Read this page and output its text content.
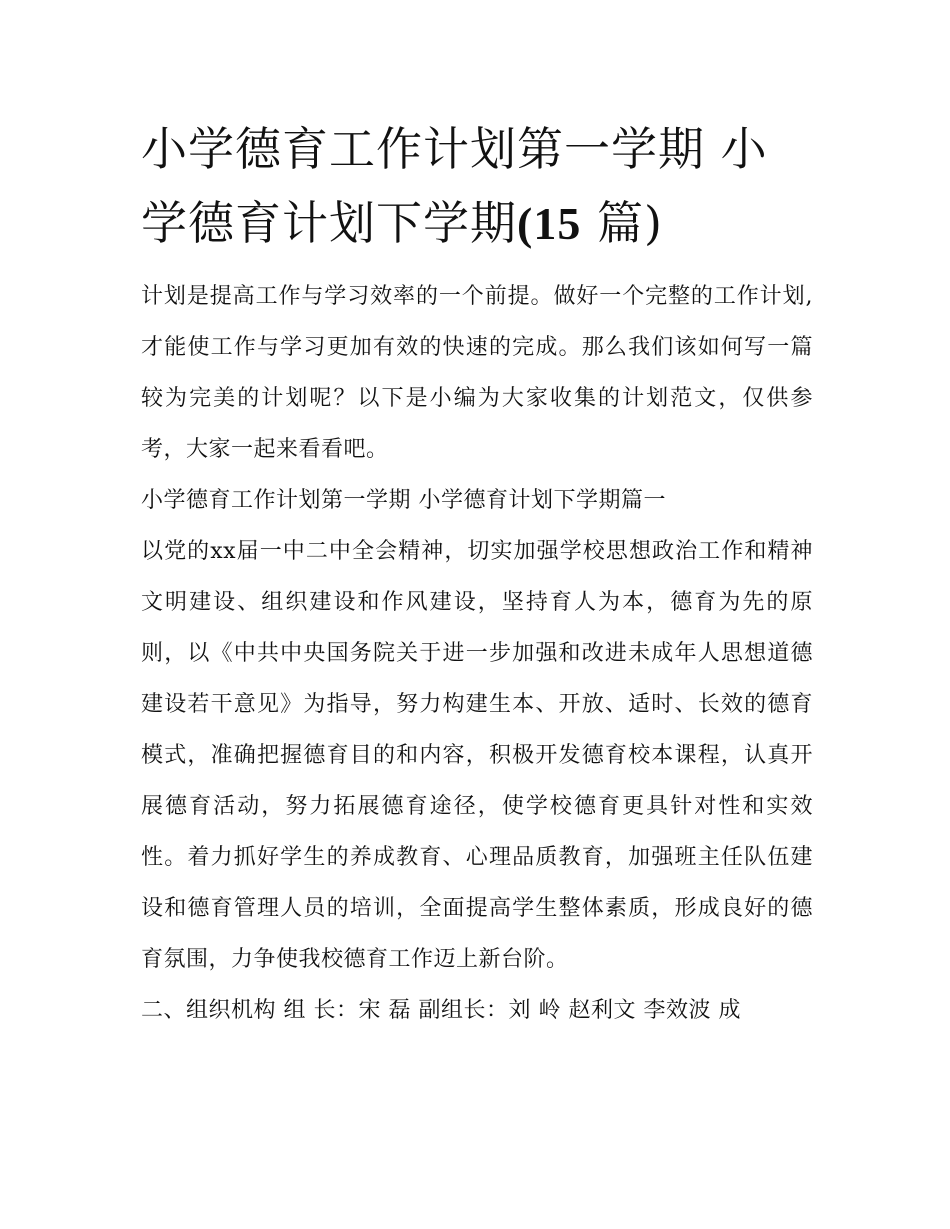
小学德育工作计划第一学期 小学德育计划下学期(15 篇)

计划是提高工作与学习效率的一个前提。做好一个完整的工作计划,才能使工作与学习更加有效的快速的完成。那么我们该如何写一篇较为完美的计划呢？以下是小编为大家收集的计划范文，仅供参考，大家一起来看看吧。

小学德育工作计划第一学期 小学德育计划下学期篇一

以党的xx届一中二中全会精神，切实加强学校思想政治工作和精神文明建设、组织建设和作风建设，坚持育人为本，德育为先的原则，以《中共中央国务院关于进一步加强和改进未成年人思想道德建设若干意见》为指导，努力构建生本、开放、适时、长效的德育模式，准确把握德育目的和内容，积极开发德育校本课程，认真开展德育活动，努力拓展德育途径，使学校德育更具针对性和实效性。着力抓好学生的养成教育、心理品质教育，加强班主任队伍建设和德育管理人员的培训，全面提高学生整体素质，形成良好的德育氛围，力争使我校德育工作迈上新台阶。

二、组织机构 组 长：宋 磊 副组长：刘 岭 赵利文 李效波 成
